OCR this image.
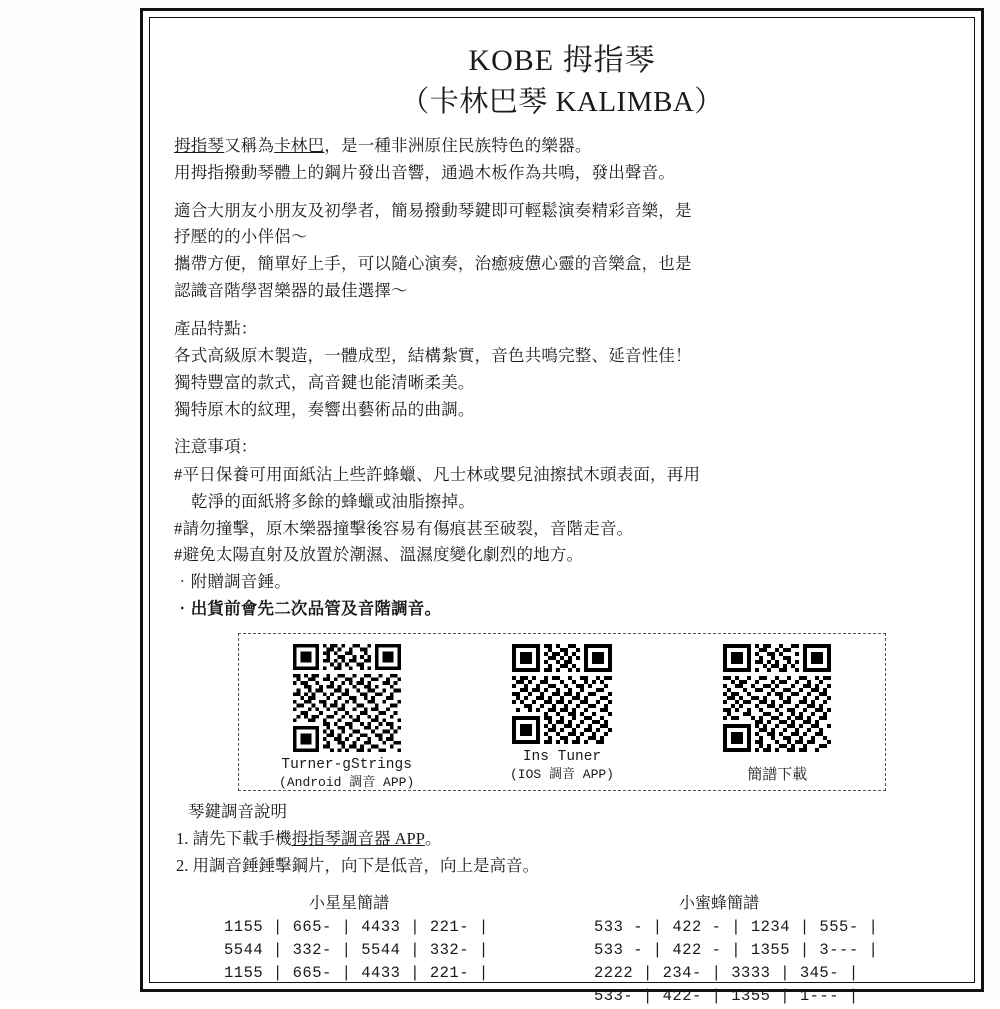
KOBE 拇指琴
（卡林巴琴 KALIMBA）
拇指琴又稱為卡林巴，是一種非洲原住民族特色的樂器。
用拇指撥動琴體上的鋼片發出音響，通過木板作為共鳴，發出聲音。
適合大朋友小朋友及初學者，簡易撥動琴鍵即可輕鬆演奏精彩音樂，是
抒壓的的小伴侶～
攜帶方便，簡單好上手，可以隨心演奏，治癒疲憊心靈的音樂盒，也是
認識音階學習樂器的最佳選擇～
產品特點：
各式高級原木製造，一體成型，結構紮實，音色共鳴完整、延音性佳！
獨特豐富的款式，高音鍵也能清晰柔美。
獨特原木的紋理，奏響出藝術品的曲調。
注意事項：
#平日保養可用面紙沾上些許蜂蠟、凡士林或嬰兒油擦拭木頭表面，再用
乾淨的面紙將多餘的蜂蠟或油脂擦掉。
#請勿撞擊，原木樂器撞擊後容易有傷痕甚至破裂，音階走音。
#避免太陽直射及放置於潮濕、溫濕度變化劇烈的地方。
‧附贈調音錘。
‧出貨前會先二次品管及音階調音。
Turner-gStrings
(Android 調音 APP)
Ins Tuner
(IOS 調音 APP)	簡譜下載
琴鍵調音說明
1. 請先下載手機拇指琴調音器 APP。
2. 用調音錘錘擊鋼片，向下是低音，向上是高音。
小星星簡譜
1155 | 665- | 4433 | 221- |
5544 | 332- | 5544 | 332- |
1155 | 665- | 4433 | 221- |
小蜜蜂簡譜
533 - | 422 - | 1234 | 555- |
533 - | 422 - | 1355 | 3--- |
2222 | 234- | 3333 | 345- |
533- | 422- | 1355 | 1--- |
